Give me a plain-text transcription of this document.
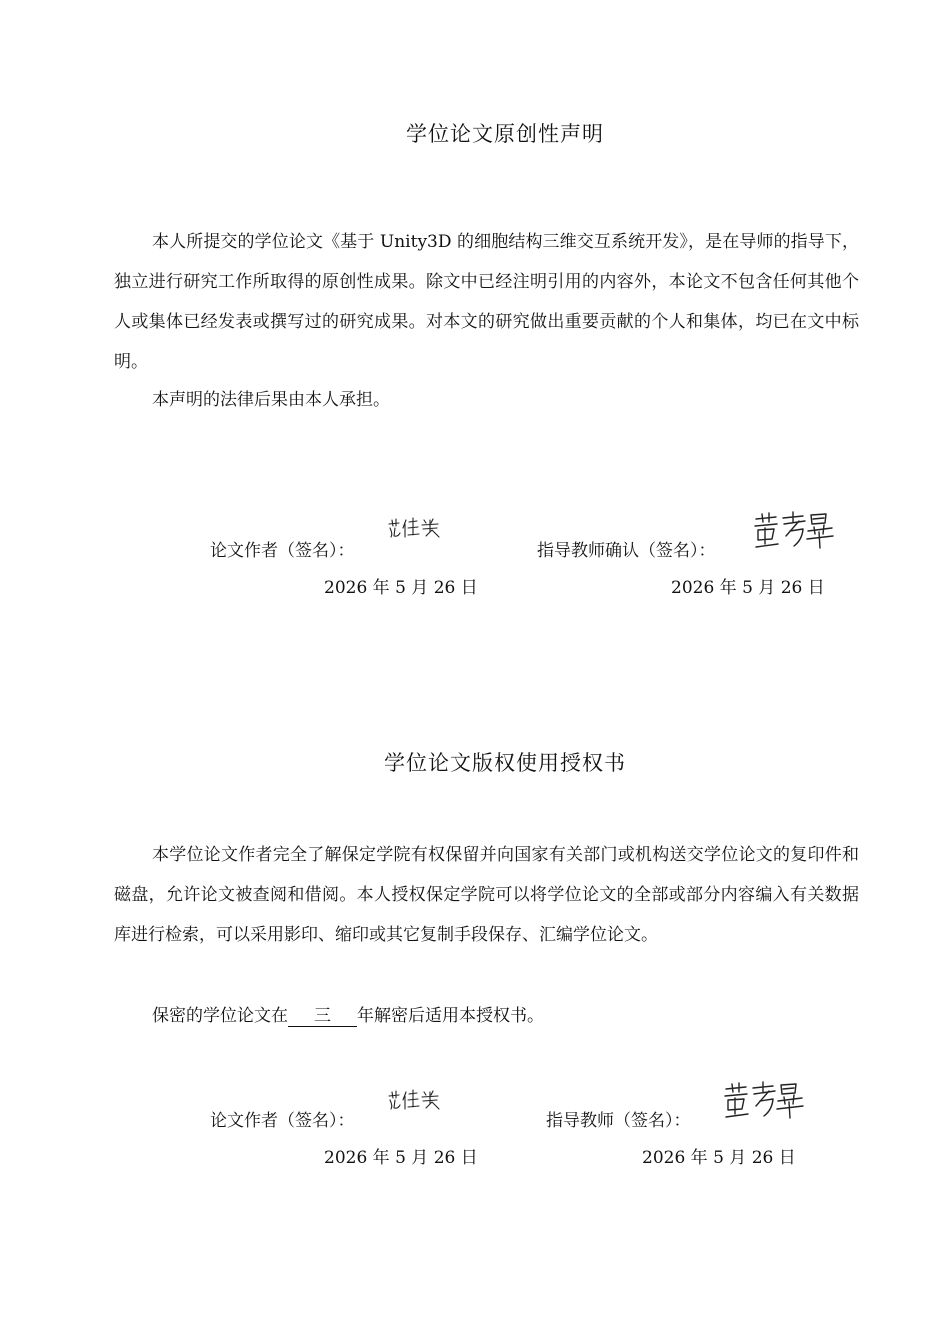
学位论文原创性声明

本人所提交的学位论文《基于 Unity3D 的细胞结构三维交互系统开发》，是在导师的指导下，独立进行研究工作所取得的原创性成果。除文中已经注明引用的内容外，本论文不包含任何其他个人或集体已经发表或撰写过的研究成果。对本文的研究做出重要贡献的个人和集体，均已在文中标明。

本声明的法律后果由本人承担。

论文作者（签名）：	指导教师确认（签名）：
2026 年 5 月 26 日	2026 年 5 月 26 日
学位论文版权使用授权书

本学位论文作者完全了解保定学院有权保留并向国家有关部门或机构送交学位论文的复印件和磁盘，允许论文被查阅和借阅。本人授权保定学院可以将学位论文的全部或部分内容编入有关数据库进行检索，可以采用影印、缩印或其它复制手段保存、汇编学位论文。

保密的学位论文在 三 年解密后适用本授权书。
论文作者（签名）：	指导教师（签名）：
2026 年 5 月 26 日	2026 年 5 月 26 日
